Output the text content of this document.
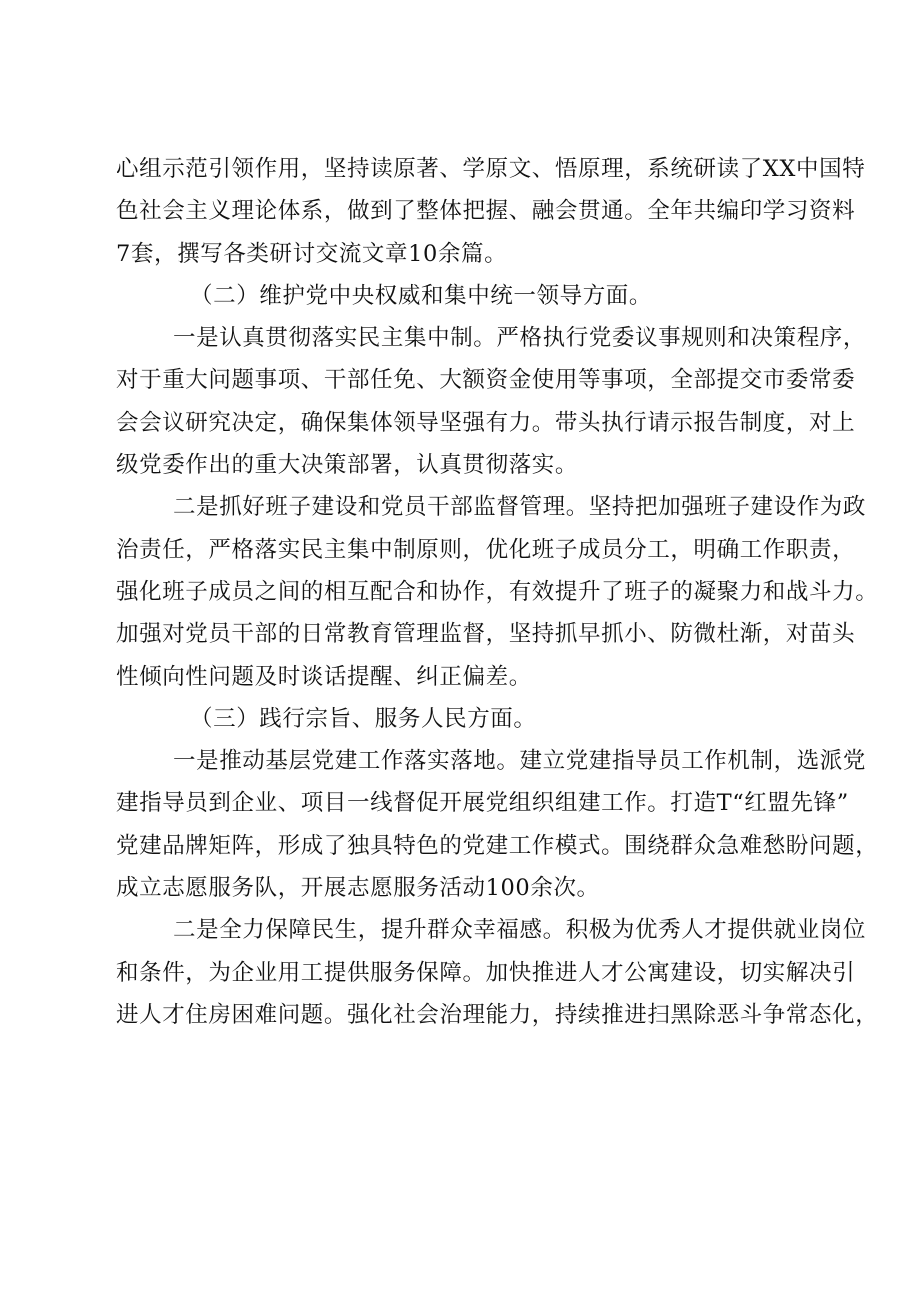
心组示范引领作用，坚持读原著、学原文、悟原理，系统研读了XX中国特

色社会主义理论体系，做到了整体把握、融会贯通。全年共编印学习资料

7套，撰写各类研讨交流文章10余篇。

（二）维护党中央权威和集中统一领导方面。

一是认真贯彻落实民主集中制。严格执行党委议事规则和决策程序，

对于重大问题事项、干部任免、大额资金使用等事项，全部提交市委常委

会会议研究决定，确保集体领导坚强有力。带头执行请示报告制度，对上

级党委作出的重大决策部署，认真贯彻落实。

二是抓好班子建设和党员干部监督管理。坚持把加强班子建设作为政

治责任，严格落实民主集中制原则，优化班子成员分工，明确工作职责，

强化班子成员之间的相互配合和协作，有效提升了班子的凝聚力和战斗力。

加强对党员干部的日常教育管理监督，坚持抓早抓小、防微杜渐，对苗头

性倾向性问题及时谈话提醒、纠正偏差。

（三）践行宗旨、服务人民方面。

一是推动基层党建工作落实落地。建立党建指导员工作机制，选派党

建指导员到企业、项目一线督促开展党组织组建工作。打造T“红盟先锋”

党建品牌矩阵，形成了独具特色的党建工作模式。围绕群众急难愁盼问题，

成立志愿服务队，开展志愿服务活动100余次。

二是全力保障民生，提升群众幸福感。积极为优秀人才提供就业岗位

和条件，为企业用工提供服务保障。加快推进人才公寓建设，切实解决引

进人才住房困难问题。强化社会治理能力，持续推进扫黑除恶斗争常态化，
